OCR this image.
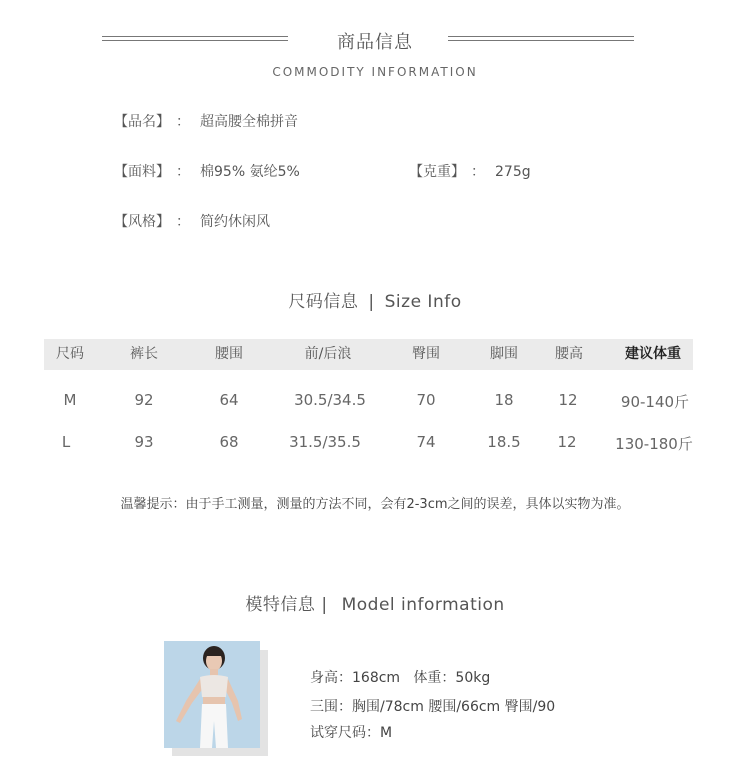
商品信息
COMMODITY INFORMATION
【品名】 ： 超高腰全棉拼音
【面料】 ： 棉95% 氨纶5%	【克重】 ： 275g
【风格】 ： 简约休闲风
尺码信息 | Size Info
尺码	裤长	腰围	前/后浪	臀围	脚围	腰高	建议体重
M	92	64	30.5/34.5	70	18	12	90-140斤
L	93	68	31.5/35.5	74	18.5	12	130-180斤
温馨提示：由于手工测量，测量的方法不同，会有2-3cm之间的误差，具体以实物为准。
模特信息 | Model information
身高：168cm   体重：50kg
三围：胸围/78cm 腰围/66cm 臀围/90
试穿尺码：M
